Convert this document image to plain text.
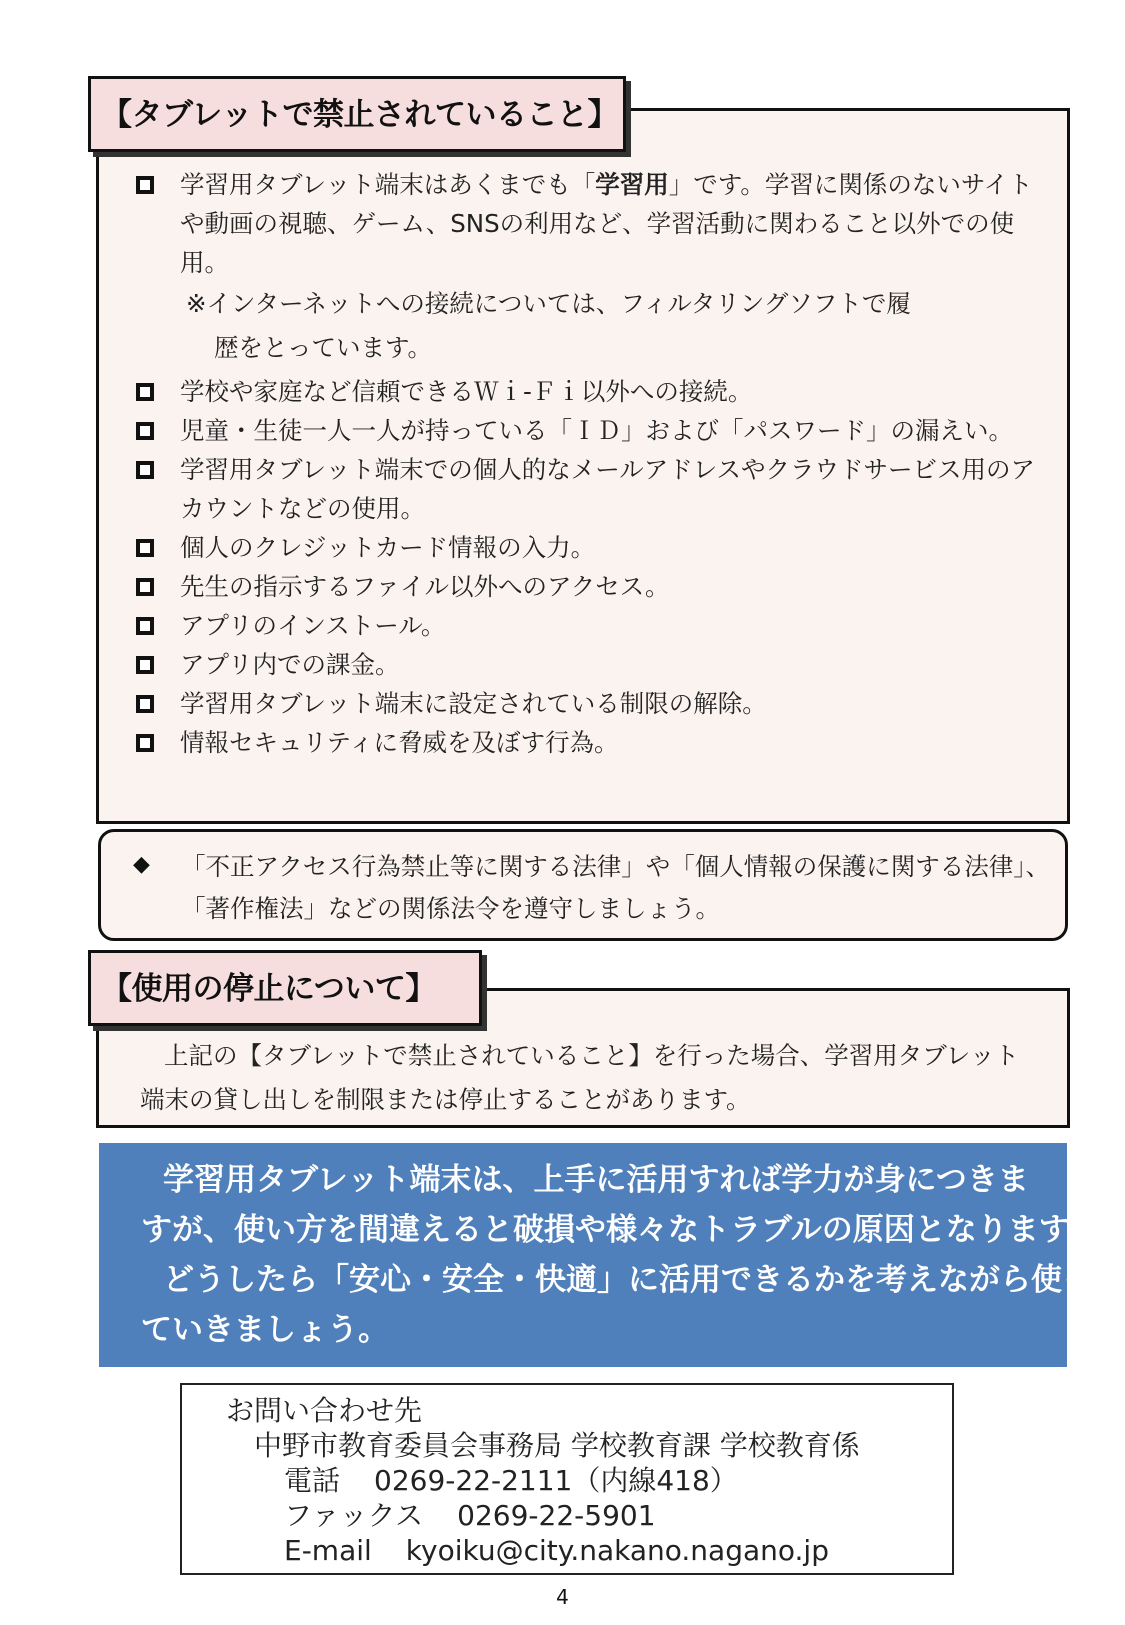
【タブレットで禁止されていること】
学習用タブレット端末はあくまでも「学習用」です。学習に関係のないサイトや動画の視聴、ゲーム、SNSの利用など、学習活動に関わること以外での使用。
※インターネットへの接続については、フィルタリングソフトで履
歴をとっています。
学校や家庭など信頼できるＷｉ-Ｆｉ以外への接続。
児童・生徒一人一人が持っている「ＩＤ」および「パスワード」の漏えい。
学習用タブレット端末での個人的なメールアドレスやクラウドサービス用のアカウントなどの使用。
個人のクレジットカード情報の入力。
先生の指示するファイル以外へのアクセス。
アプリのインストール。
アプリ内での課金。
学習用タブレット端末に設定されている制限の解除。
情報セキュリティに脅威を及ぼす行為。
◆ 「不正アクセス行為禁止等に関する法律」や「個人情報の保護に関する法律」、「著作権法」などの関係法令を遵守しましょう。
【使用の停止について】
上記の【タブレットで禁止されていること】を行った場合、学習用タブレット端末の貸し出しを制限または停止することがあります。
学習用タブレット端末は、上手に活用すれば学力が身につきま
すが、使い方を間違えると破損や様々なトラブルの原因となります。
どうしたら「安心・安全・快適」に活用できるかを考えながら使っ
ていきましょう。
お問い合わせ先
中野市教育委員会事務局 学校教育課 学校教育係
電話 0269-22-2111（内線418）
ファックス 0269-22-5901
E-mail kyoiku@city.nakano.nagano.jp
4
